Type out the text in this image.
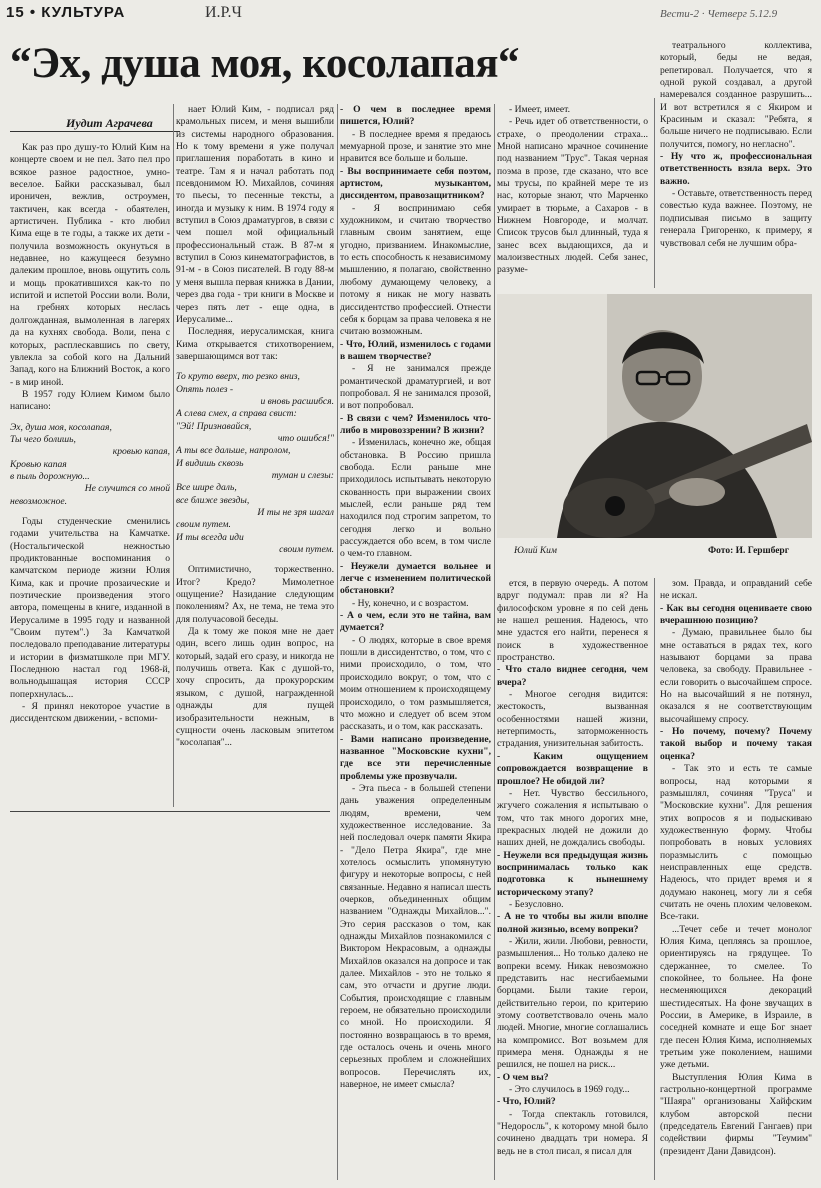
15 • КУЛЬТУРА	И.Р.Ч	Вести-2 · Четверг 5.12.9
“Эх, душа моя, косолапая“
Иудит Аграчева

Как раз про душу-то Юлий Ким на концерте своем и не пел. Зато пел про всякое разное радостное, умно-веселое. Байки рассказывал, был ироничен, вежлив, остроумен, тактичен, как всегда - обаятелен, артистичен. Публика - кто любил Кима еще в те годы, а также их дети - получила возможность окунуться в недавнее, но кажущееся безумно далеким прошлое, вновь ощутить соль и мощь прокатившихся как-то по испитой и испетой России воли. Воли, на гребнях которых неслась долгожданная, вымоленная в лагерях да на кухнях свобода. Воли, пена с которых, расплескавшись по свету, увлекла за собой кого на Дальний Запад, кого на Ближний Восток, а кого - в мир иной.

В 1957 году Юлием Кимом было написано:

Эх, душа моя, косолапая,

Ты чего болишь,

кровью капая,

Кровью капая

в пыль дорожную...

Не случится со мной

невозможное.

Годы студенческие сменились годами учительства на Камчатке. (Ностальгической нежностью продиктованные воспоминания о камчатском периоде жизни Юлия Кима, как и прочие прозаические и поэтические произведения этого автора, помещены в книге, изданной в Иерусалиме в 1995 году и названной "Своим путем".) За Камчаткой последовало преподавание литературы и истории в физматшколе при МГУ. Последнюю настал год 1968-й, вольнодышащая история СССР поперхнулась...

- Я принял некоторое участие в диссидентском движении, - вспоми-

нает Юлий Ким, - подписал ряд крамольных писем, и меня вышибли из системы народного образования. Но к тому времени я уже получал приглашения поработать в кино и театре. Там я и начал работать под псевдонимом Ю. Михайлов, сочиняя то пьесы, то песенные тексты, а иногда и музыку к ним. В 1974 году я вступил в Союз драматургов, в связи с чем пошел мой официальный профессиональный стаж. В 87-м я вступил в Союз кинематографистов, в 91-м - в Союз писателей. В году 88-м у меня вышла первая книжка в Дании, через два года - три книги в Москве и через пять лет - еще одна, в Иерусалиме...

Последняя, иерусалимская, книга Кима открывается стихотворением, завершающимся вот так:

То круто вверх, то резко вниз,

Опять полез -

и вновь расшибся.

А слева смех, а справа свист:

"Эй! Признавайся,

что ошибся!"

А ты все дальше, напролом,

И видишь сквозь

туман и слезы:

Все шире даль,

все ближе звезды,

И ты не зря шагал

своим путем.

И ты всегда иди

своим путем.

Оптимистично, торжественно. Итог? Кредо? Мимолетное ощущение? Назидание следующим поколениям? Ах, не тема, не тема это для получасовой беседы.

Да к тому же покоя мне не дает один, всего лишь один вопрос, на который, задай его сразу, и никогда не получишь ответа. Как с душой-то, хочу спросить, да прокурорским языком, с душой, награжденной однажды для пущей изобразительности нежным, в сущности очень ласковым эпитетом "косолапая"...

- О чем в последнее время пишется, Юлий?

- В последнее время я предаюсь мемуарной прозе, и занятие это мне нравится все больше и больше.

- Вы воспринимаете себя поэтом, артистом, музыкантом, диссидентом, правозащитником?

- Я воспринимаю себя художником, и считаю творчество главным своим занятием, еще угодно, призванием. Инакомыслие, то есть способность к независимому мышлению, я полагаю, свойственно любому думающему человеку, а потому я никак не могу назвать диссидентство профессией. Отнести себя к борцам за права человека я не считаю возможным.

- Что, Юлий, изменилось с годами в вашем творчестве?

- Я не занимался прежде романтической драматургией, и вот попробовал. Я не занимался прозой, и вот попробовал.

- В связи с чем? Изменилось что-либо в мировоззрении? В жизни?

- Изменилась, конечно же, общая обстановка. В Россию пришла свобода. Если раньше мне приходилось испытывать некоторую скованность при выражении своих мыслей, если раньше ряд тем находился под строгим запретом, то сегодня легко и вольно рассуждается обо всем, в том числе о чем-то главном.

- Неужели думается вольнее и легче с изменением политической обстановки?

- Ну, конечно, и с возрастом.

- А о чем, если это не тайна, вам думается?

- О людях, которые в свое время пошли в диссидентство, о том, что с ними происходило, о том, что происходило вокруг, о том, что с моим отношением к происходящему происходило, о том размышляется, что можно и следует об всем этом рассказать, и о том, как рассказать.

- Вами написано произведение, названное "Московские кухни", где все эти перечисленные проблемы уже прозвучали.

- Эта пьеса - в большей степени дань уважения определенным людям, времени, чем художественное исследование. За ней последовал очерк памяти Якира - "Дело Петра Якира", где мне хотелось осмыслить упомянутую фигуру и некоторые вопросы, с ней связанные. Недавно я написал шесть очерков, объединенных общим названием "Однажды Михайлов...". Это серия рассказов о том, как однажды Михайлов познакомился с Виктором Некрасовым, а однажды Михайлов оказался на допросе и так далее. Михайлов - это не только я сам, это отчасти и другие люди. События, происходящие с главным героем, не обязательно происходили со мной. Но происходили. Я постоянно возвращаюсь в то время, где осталось очень и очень много серьезных проблем и сложнейших вопросов. Перечислять их, наверное, не имеет смысла?

- Имеет, имеет.

- Речь идет об ответственности, о страхе, о преодолении страха... Мной написано мрачное сочинение под названием "Трус". Такая черная поэма в прозе, где сказано, что все мы трусы, по крайней мере те из нас, которые знают, что Марченко умирает в тюрьме, а Сахаров - в Нижнем Новгороде, и молчат. Список трусов был длинный, туда я занес всех выдающихся, да и малоизвестных людей. Себя занес, разуме-

театрального коллектива, который, беды не ведая, репетировал. Получается, что я одной рукой создавал, а другой намеревался созданное разрушить... И вот встретился я с Якиром и Красиным и сказал: "Ребята, я больше ничего не подписываю. Если получится, помогу, но негласно".

- Ну что ж, профессиональная ответственность взяла верх. Это важно.

- Оставьте, ответственность перед совестью куда важнее. Поэтому, не подписывая письмо в защиту генерала Григоренко, к примеру, я чувствовал себя не лучшим обра-

Юлий Ким	Фото: И. Гершберг

ется, в первую очередь. А потом вдруг подумал: прав ли я? На философском уровне я по сей день не нашел решения. Надеюсь, что мне удастся его найти, перенеся я поиск в художественное пространство.

- Что стало виднее сегодня, чем вчера?

- Многое сегодня видится: жестокость, вызванная особенностями нашей жизни, нетерпимость, заторможенность страдания, унизительная забитость.

- Каким ощущением сопровождается возвращение в прошлое? Не обидой ли?

- Нет. Чувство бессильного, жгучего сожаления я испытываю о том, что так много дорогих мне, прекрасных людей не дожили до наших дней, не дождались свободы.

- Неужели вся предыдущая жизнь воспринималась только как подготовка к нынешнему историческому этапу?

- Безусловно.

- А не то чтобы вы жили вполне полной жизнью, всему вопреки?

- Жили, жили. Любови, ревности, размышления... Но только далеко не вопреки всему. Никак невозможно представить нас несгибаемыми борцами. Были такие герои, действительно герои, по критерию этому соответствовало очень мало людей. Многие, многие соглашались на компромисс. Вот возьмем для примера меня. Однажды я не решился, не пошел на риск...

- О чем вы?

- Это случилось в 1969 году...

- Что, Юлий?

- Тогда спектакль готовился, "Недоросль", к которому мной было сочинено двадцать три номера. Я ведь не в стол писал, я писал для

зом. Правда, и оправданий себе не искал.

- Как вы сегодня оцениваете свою вчерашнюю позицию?

- Думаю, правильнее было бы мне оставаться в рядах тех, кого называют борцами за права человека, за свободу. Правильнее - если говорить о высочайшем спросе. Но на высочайший я не потянул, оказался я не соответствующим высочайшему спросу.

- Но почему, почему? Почему такой выбор и почему такая оценка?

- Так это и есть те самые вопросы, над которыми я размышлял, сочиняя "Труса" и "Московские кухни". Для решения этих вопросов я и подыскиваю художественную форму. Чтобы попробовать в новых условиях поразмыслить с помощью неисправленных еще средств. Надеюсь, что придет время и я додумаю наконец, могу ли я себя считать не очень плохим человеком. Все-таки.

...Течет себе и течет монолог Юлия Кима, цепляясь за прошлое, ориентируясь на грядущее. То сдержаннее, то смелее. То спокойнее, то больнее. На фоне несменяющихся декораций шестидесятых. На фоне звучащих в России, в Америке, в Израиле, в соседней комнате и еще Бог знает где песен Юлия Кима, исполняемых третьим уже поколением, нашими уже детьми.

Выступления Юлия Кима в гастрольно-концертной программе "Шаяра" организованы Хайфским клубом авторской песни (председатель Евгений Гангаев) при содействии фирмы "Теумим" (президент Дани Давидсон).
